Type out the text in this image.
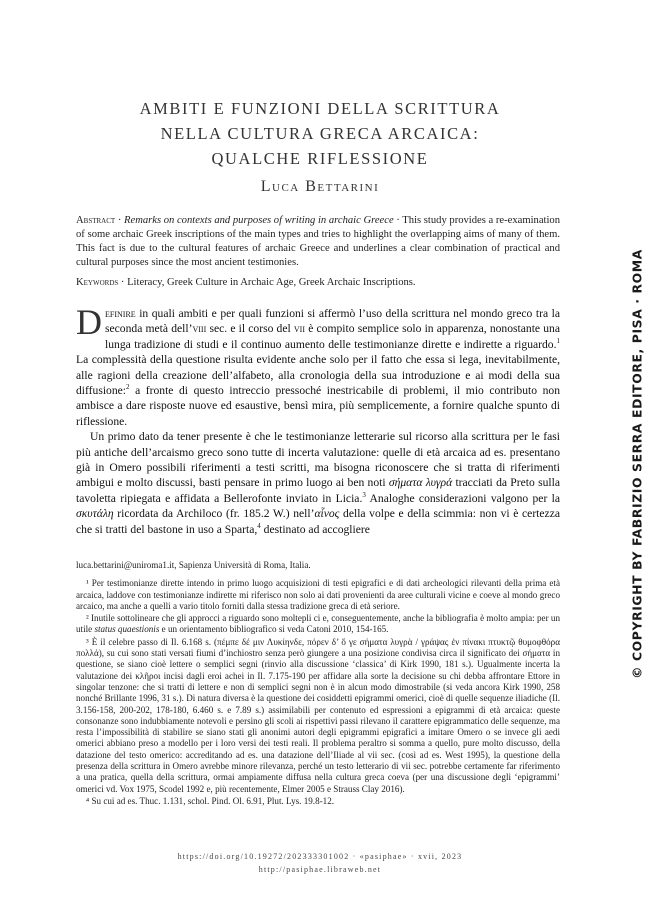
AMBITI E FUNZIONI DELLA SCRITTURA
NELLA CULTURA GRECA ARCAICA:
QUALCHE RIFLESSIONE
Luca Bettarini
Abstract · Remarks on contexts and purposes of writing in archaic Greece · This study provides a re-examination of some archaic Greek inscriptions of the main types and tries to highlight the overlapping aims of many of them. This fact is due to the cultural features of archaic Greece and underlines a clear combination of practical and cultural purposes since the most ancient testimonies.
Keywords · Literacy, Greek Culture in Archaic Age, Greek Archaic Inscriptions.

Definire in quali ambiti e per quali funzioni si affermò l’uso della scrittura nel mondo greco tra la seconda metà dell’viii sec. e il corso del vii è compito semplice solo in apparenza, nonostante una lunga tradizione di studi e il continuo aumento delle testimonianze dirette e indirette a riguardo.$^1$ La complessità della questione risulta evidente anche solo per il fatto che essa si lega, inevitabilmente, alle ragioni della creazione dell’alfabeto, alla cronologia della sua introduzione e ai modi della sua diffusione:$^2$ a fronte di questo intreccio pressoché inestricabile di problemi, il mio contributo non ambisce a dare risposte nuove ed esaustive, bensì mira, più semplicemente, a fornire qualche spunto di riflessione.

Un primo dato da tener presente è che le testimonianze letterarie sul ricorso alla scrittura per le fasi più antiche dell’arcaismo greco sono tutte di incerta valutazione: quelle di età arcaica ad es. presentano già in Omero possibili riferimenti a testi scritti, ma bisogna riconoscere che si tratta di riferimenti ambigui e molto discussi, basti pensare in primo luogo ai ben noti σήματα λυγρά tracciati da Preto sulla tavoletta ripiegata e affidata a Bellerofonte inviato in Licia.$^3$ Analoghe considerazioni valgono per la σκυτάλη ricordata da Archiloco (fr. 185.2 W.) nell’αἶνος della volpe e della scimmia: non vi è certezza che si tratti del bastone in uso a Sparta,$^4$ destinato ad accogliere

luca.bettarini@uniroma1.it, Sapienza Università di Roma, Italia.

¹ Per testimonianze dirette intendo in primo luogo acquisizioni di testi epigrafici e di dati archeologici rilevanti della prima età arcaica, laddove con testimonianze indirette mi riferisco non solo ai dati provenienti da aree culturali vicine e coeve al mondo greco arcaico, ma anche a quelli a vario titolo forniti dalla stessa tradizione greca di età seriore.

² Inutile sottolineare che gli approcci a riguardo sono moltepli ci e, conseguentemente, anche la bibliografia è molto ampia: per un utile status quaestionis e un orientamento bibliografico si veda Catoni 2010, 154-165.

³ È il celebre passo di Il. 6.168 s. (πέμπε δέ μιν Λυκίηνδε, πόρεν δ’ ὅ γε σήματα λυγρὰ / γράψας ἐν πίνακι πτυκτῷ θυμοφθόρα πολλά), su cui sono stati versati fiumi d’inchiostro senza però giungere a una posizione condivisa circa il significato dei σήματα in questione, se siano cioè lettere o semplici segni (rinvio alla discussione ‘classica’ di Kirk 1990, 181 s.). Ugualmente incerta la valutazione dei κλῆροι incisi dagli eroi achei in Il. 7.175-190 per affidare alla sorte la decisione su chi debba affrontare Ettore in singolar tenzone: che si tratti di lettere e non di semplici segni non è in alcun modo dimostrabile (si veda ancora Kirk 1990, 258 nonché Brillante 1996, 31 s.). Di natura diversa è la questione dei cosiddetti epigrammi omerici, cioè di quelle sequenze iliadiche (Il. 3.156-158, 200-202, 178-180, 6.460 s. e 7.89 s.) assimilabili per contenuto ed espressioni a epigrammi di età arcaica: queste consonanze sono indubbiamente notevoli e persino gli scoli ai rispettivi passi rilevano il carattere epigrammatico delle sequenze, ma resta l’impossibilità di stabilire se siano stati gli anonimi autori degli epigrammi epigrafici a imitare Omero o se invece gli aedi omerici abbiano preso a modello per i loro versi dei testi reali. Il problema peraltro si somma a quello, pure molto discusso, della datazione del testo omerico: accreditando ad es. una datazione dell’Iliade al vii sec. (così ad es. West 1995), la questione della presenza della scrittura in Omero avrebbe minore rilevanza, perché un testo letterario di vii sec. potrebbe certamente far riferimento a una pratica, quella della scrittura, ormai ampiamente diffusa nella cultura greca coeva (per una discussione degli ‘epigrammi’ omerici vd. Vox 1975, Scodel 1992 e, più recentemente, Elmer 2005 e Strauss Clay 2016).

⁴ Su cui ad es. Thuc. 1.131, schol. Pind. Ol. 6.91, Plut. Lys. 19.8-12.

https://doi.org/10.19272/202333301002 · «pasiphae» · xvii, 2023
http://pasiphae.libraweb.net
© COPYRIGHT BY FABRIZIO SERRA EDITORE, PISA · ROMA
